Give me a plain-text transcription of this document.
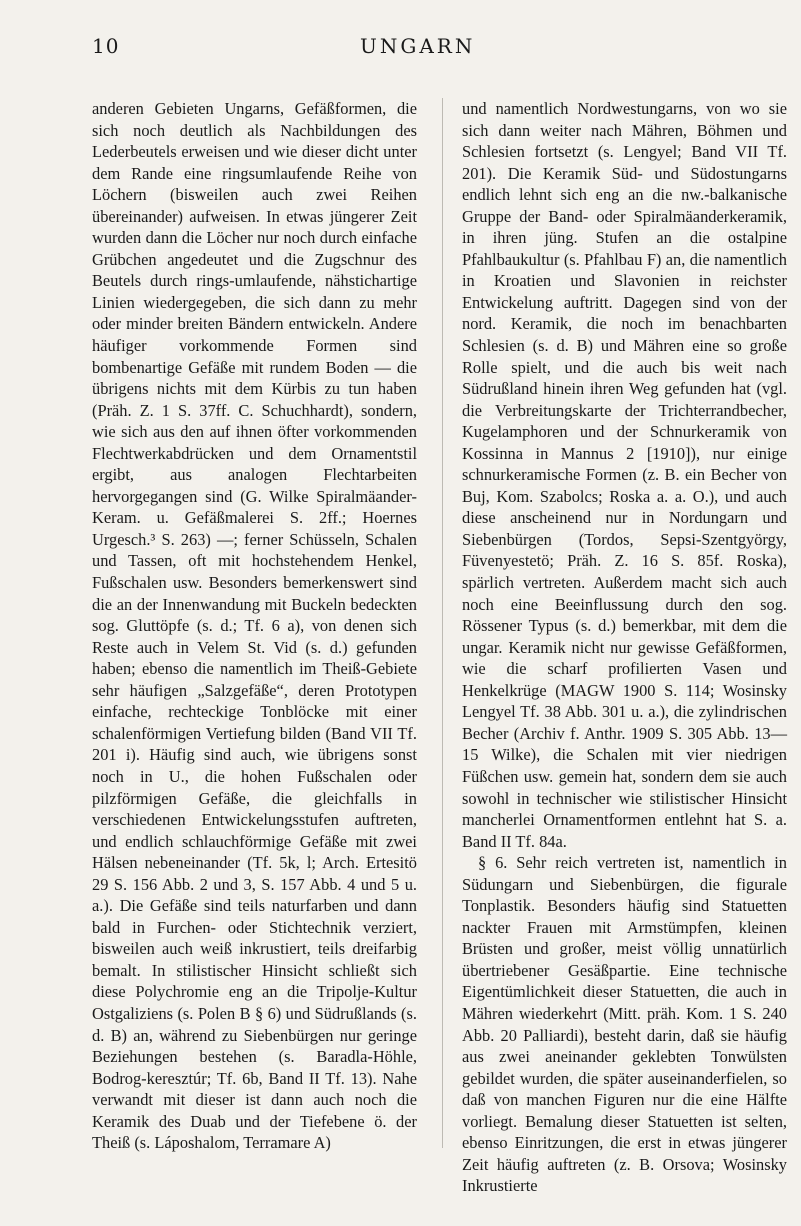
10	UNGARN

anderen Gebieten Ungarns, Gefäßformen, die sich noch deutlich als Nachbildungen des Lederbeutels erweisen und wie dieser dicht unter dem Rande eine ringsumlaufende Reihe von Löchern (bisweilen auch zwei Reihen übereinander) aufweisen. In etwas jüngerer Zeit wurden dann die Löcher nur noch durch einfache Grübchen angedeutet und die Zugschnur des Beutels durch rings-umlaufende, nähstichartige Linien wiedergegeben, die sich dann zu mehr oder minder breiten Bändern entwickeln. Andere häufiger vorkommende Formen sind bombenartige Gefäße mit rundem Boden — die übrigens nichts mit dem Kürbis zu tun haben (Präh. Z. 1 S. 37ff. C. Schuchhardt), sondern, wie sich aus den auf ihnen öfter vorkommenden Flechtwerkabdrücken und dem Ornamentstil ergibt, aus analogen Flechtarbeiten hervorgegangen sind (G. Wilke Spiralmäander-Keram. u. Gefäßmalerei S. 2ff.; Hoernes Urgesch.³ S. 263) —; ferner Schüsseln, Schalen und Tassen, oft mit hochstehendem Henkel, Fußschalen usw. Besonders bemerkenswert sind die an der Innenwandung mit Buckeln bedeckten sog. Gluttöpfe (s. d.; Tf. 6 a), von denen sich Reste auch in Velem St. Vid (s. d.) gefunden haben; ebenso die namentlich im Theiß-Gebiete sehr häufigen „Salzgefäße“, deren Prototypen einfache, rechteckige Tonblöcke mit einer schalenförmigen Vertiefung bilden (Band VII Tf. 201 i). Häufig sind auch, wie übrigens sonst noch in U., die hohen Fußschalen oder pilzförmigen Gefäße, die gleichfalls in verschiedenen Entwickelungsstufen auftreten, und endlich schlauchförmige Gefäße mit zwei Hälsen nebeneinander (Tf. 5k, l; Arch. Ertesitö 29 S. 156 Abb. 2 und 3, S. 157 Abb. 4 und 5 u. a.). Die Gefäße sind teils naturfarben und dann bald in Furchen- oder Stichtechnik verziert, bisweilen auch weiß inkrustiert, teils dreifarbig bemalt. In stilistischer Hinsicht schließt sich diese Polychromie eng an die Tripolje-Kultur Ostgaliziens (s. Polen B § 6) und Südrußlands (s. d. B) an, während zu Siebenbürgen nur geringe Beziehungen bestehen (s. Baradla-Höhle, Bodrog-keresztúr; Tf. 6b, Band II Tf. 13). Nahe verwandt mit dieser ist dann auch noch die Keramik des Duab und der Tiefebene ö. der Theiß (s. Láposhalom, Terramare A)

und namentlich Nordwestungarns, von wo sie sich dann weiter nach Mähren, Böhmen und Schlesien fortsetzt (s. Lengyel; Band VII Tf. 201). Die Keramik Süd- und Südostungarns endlich lehnt sich eng an die nw.-balkanische Gruppe der Band- oder Spiralmäanderkeramik, in ihren jüng. Stufen an die ostalpine Pfahlbaukultur (s. Pfahlbau F) an, die namentlich in Kroatien und Slavonien in reichster Entwickelung auftritt. Dagegen sind von der nord. Keramik, die noch im benachbarten Schlesien (s. d. B) und Mähren eine so große Rolle spielt, und die auch bis weit nach Südrußland hinein ihren Weg gefunden hat (vgl. die Verbreitungskarte der Trichterrandbecher, Kugelamphoren und der Schnurkeramik von Kossinna in Mannus 2 [1910]), nur einige schnurkeramische Formen (z. B. ein Becher von Buj, Kom. Szabolcs; Roska a. a. O.), und auch diese anscheinend nur in Nordungarn und Siebenbürgen (Tordos, Sepsi-Szentgyörgy, Füvenyestetö; Präh. Z. 16 S. 85f. Roska), spärlich vertreten. Außerdem macht sich auch noch eine Beeinflussung durch den sog. Rössener Typus (s. d.) bemerkbar, mit dem die ungar. Keramik nicht nur gewisse Gefäßformen, wie die scharf profilierten Vasen und Henkelkrüge (MAGW 1900 S. 114; Wosinsky Lengyel Tf. 38 Abb. 301 u. a.), die zylindrischen Becher (Archiv f. Anthr. 1909 S. 305 Abb. 13—15 Wilke), die Schalen mit vier niedrigen Füßchen usw. gemein hat, sondern dem sie auch sowohl in technischer wie stilistischer Hinsicht mancherlei Ornamentformen entlehnt hat S. a. Band II Tf. 84a.

§ 6. Sehr reich vertreten ist, namentlich in Südungarn und Siebenbürgen, die figurale Tonplastik. Besonders häufig sind Statuetten nackter Frauen mit Armstümpfen, kleinen Brüsten und großer, meist völlig unnatürlich übertriebener Gesäßpartie. Eine technische Eigentümlichkeit dieser Statuetten, die auch in Mähren wiederkehrt (Mitt. präh. Kom. 1 S. 240 Abb. 20 Palliardi), besteht darin, daß sie häufig aus zwei aneinander geklebten Tonwülsten gebildet wurden, die später auseinanderfielen, so daß von manchen Figuren nur die eine Hälfte vorliegt. Bemalung dieser Statuetten ist selten, ebenso Einritzungen, die erst in etwas jüngerer Zeit häufig auftreten (z. B. Orsova; Wosinsky Inkrustierte
